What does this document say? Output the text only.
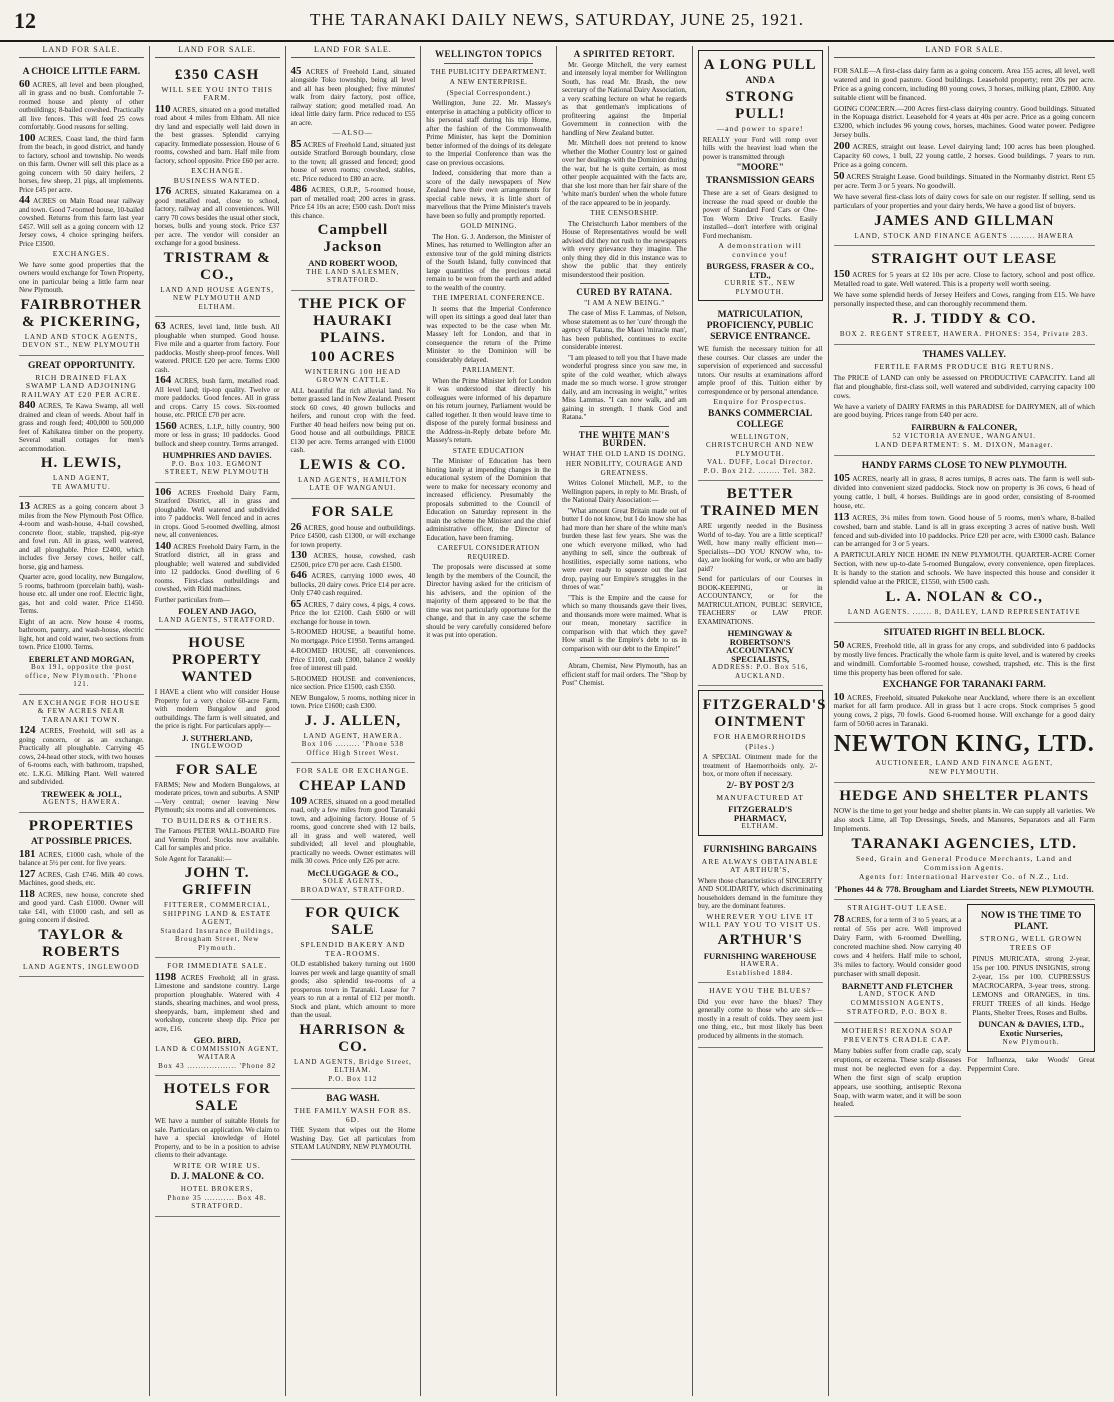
12	THE TARANAKI DAILY NEWS, SATURDAY, JUNE 25, 1921.
LAND FOR SALE.
A CHOICE LITTLE FARM.
60 ACRES, all level and been ploughed, all in grass and no bush. Comfortable 7-roomed house and plenty of other outbuildings; 8-bailed cowshed. Practically all live fences. This will feed 25 cows comfortably. Good reasons for selling.
100 ACRES, Coast land, the third farm from the beach, in good district, and handy to factory, school and township. No weeds on this farm. Owner will sell this place as a going concern with 50 dairy heifers, 2 horses, few sheep, 21 pigs, all implements. Price £45 per acre.
44 ACRES on Main Road near railway and town. Good 7-roomed house, 10-bailed cowshed. Returns from this farm last year £457. Will sell as a going concern with 12 Jersey cows, 4 choice springing heifers. Price £3500.
EXCHANGES.
We have some good properties that the owners would exchange for Town Property, one in particular being a little farm near New Plymouth.
FAIRBROTHER & PICKERING,
LAND AND STOCK AGENTS,
DEVON ST., NEW PLYMOUTH
GREAT OPPORTUNITY.
RICH DRAINED FLAX SWAMP LAND ADJOINING RAILWAY AT £20 PER ACRE.
840 ACRES, Te Kawa Swamp, all well drained and clean of weeds. About half in grass and rough feed; 400,000 to 500,000 feet of Kahikatea timber on the property. Several small cottages for men's accommodation.
H. LEWIS,
LAND AGENT,
TE AWAMUTU.
13 ACRES as a going concern about 3 miles from the New Plymouth Post Office. 4-room and wash-house, 4-bail cowshed, concrete floor, stable, trapshed, pig-stye and fowl run. All in grass, well watered, and all ploughable. Price £2400, which includes five Jersey cows, heifer calf, horse, gig and harness.
Quarter acre, good locality, new Bungalow, 5 rooms, bathroom (porcelain bath), wash-house etc. all under one roof. Electric light, gas, hot and cold water. Price £1450. Terms.
Eight of an acre. New house 4 rooms, bathroom, pantry, and wash-house, electric light, hot and cold water, two sections from town. Price £1000. Terms.
EBERLET AND MORGAN,
Box 191, opposite the post office, New Plymouth. 'Phone 121.
AN EXCHANGE FOR HOUSE & FEW ACRES NEAR TARANAKI TOWN.
124 ACRES, Freehold, will sell as a going concern, or as an exchange. Practically all ploughable. Carrying 45 cows, 24-head other stock, with two houses of 6-rooms each, with bathroom, trapshed, etc. L.K.G. Milking Plant. Well watered and subdivided.
TREWEEK & JOLL,
AGENTS, HAWERA.
PROPERTIES
AT POSSIBLE PRICES.
181 ACRES, £1000 cash, whole of the balance at 5½ per cent. for five years.
127 ACRES, Cash £746. Milk 40 cows. Machines, good sheds, etc.
118 ACRES, new house, concrete shed and good yard. Cash £1000. Owner will take £41, with £1000 cash, and sell as going concern if desired.
TAYLOR & ROBERTS
LAND AGENTS, INGLEWOOD
LAND FOR SALE.
£350 CASH
WILL SEE YOU INTO THIS FARM.
110 ACRES, situated on a good metalled road about 4 miles from Eltham. All nice dry land and especially well laid down in the best grasses. Splendid carrying capacity. Immediate possession. House of 6 rooms, cowshed and barn. Half mile from factory, school opposite. Price £60 per acre.
EXCHANGE.
BUSINESS WANTED.
176 ACRES, situated Kakaramea on a good metalled road, close to school, factory, railway and all conveniences. Will carry 70 cows besides the usual other stock, horses, bulls and young stock. Price £37 per acre. The vendor will consider an exchange for a good business.
TRISTRAM & CO.,
LAND AND HOUSE AGENTS, NEW PLYMOUTH AND ELTHAM.
63 ACRES, level land, little bush. All ploughable when stumped. Good house. Five mile and a quarter from factory. Four paddocks. Mostly sheep-proof fences. Well watered. PRICE £20 per acre. Terms £300 cash.
164 ACRES, bush farm, metalled road. All level land; tip-top quality. Twelve or more paddocks. Good fences. All in grass and crops. Carry 15 cows. Six-roomed house, etc. PRICE £70 per acre.
1560 ACRES, L.I.P., hilly country, 900 more or less in grass; 10 paddocks. Good bullock and sheep country. Terms arranged.
HUMPHRIES AND DAVIES.
P.O. Box 103. EGMONT STREET, NEW PLYMOUTH
106 ACRES Freehold Dairy Farm, Stratford District, all in grass and ploughable. Well watered and subdivided into 7 paddocks. Well fenced and in acres in crops. Good 5-roomed dwelling, almost new, all conveniences.
140 ACRES Freehold Dairy Farm, in the Stratford district, all in grass and ploughable; well watered and subdivided into 12 paddocks. Good dwelling of 6 rooms. First-class outbuildings and cowshed, with Ridd machines.
Further particulars from—
FOLEY AND JAGO,
LAND AGENTS, STRATFORD.
HOUSE PROPERTY WANTED
I HAVE a client who will consider House Property for a very choice 60-acre Farm, with modern Bungalow and good outbuildings. The farm is well situated, and the price is right. For particulars apply—
J. SUTHERLAND,
INGLEWOOD
FOR SALE
FARMS; New and Modern Bungalows, at moderate prices, town and suburbs. A SNIP—Very central; owner leaving New Plymouth; six rooms and all conveniences.
TO BUILDERS & OTHERS.
The Famous PETER WALL-BOARD Fire and Vermin Proof. Stocks now available. Call for samples and price.
Sole Agent for Taranaki:—
JOHN T. GRIFFIN
FITTERER, COMMERCIAL, SHIPPING LAND & ESTATE AGENT,
Standard Insurance Buildings, Brougham Street, New Plymouth.
FOR IMMEDIATE SALE.
1198 ACRES Freehold; all in grass. Limestone and sandstone country. Large proportion ploughable. Watered with 4 stands, shearing machines, and wool press, sheepyards, barn, implement shed and workshop, concrete sheep dip. Price per acre, £16.
GEO. BIRD,
LAND & COMMISSION AGENT, WAITARA
Box 43 .................. 'Phone 82
HOTELS FOR SALE
WE have a number of suitable Hotels for sale. Particulars on application. We claim to have a special knowledge of Hotel Property, and to be in a position to advise clients to their advantage.
WRITE OR WIRE US.
D. J. MALONE & CO.
HOTEL BROKERS,
Phone 35 ........... Box 48. STRATFORD.
LAND FOR SALE.
45 ACRES of Freehold Land, situated alongside Toko township, being all level and all has been ploughed; five minutes' walk from dairy factory, post office, railway station; good metalled road. An ideal little dairy farm. Price reduced to £55 an acre.
—ALSO—
85 ACRES of Freehold Land, situated just outside Stratford Borough boundary, close to the town; all grassed and fenced; good house of seven rooms; cowshed, stables, etc. Price reduced to £80 an acre.
486 ACRES, O.R.P., 5-roomed house, part of metalled road; 200 acres in grass. Price £4 10s an acre; £500 cash. Don't miss this chance.
Campbell Jackson
AND ROBERT WOOD,
THE LAND SALESMEN, STRATFORD.
THE PICK OF HAURAKI PLAINS.
100 ACRES
WINTERING 100 HEAD GROWN CATTLE.
ALL beautiful flat rich alluvial land. No better grassed land in New Zealand. Present stock 60 cows, 40 grown bullocks and heifers, and runout crop with the feed. Further 40 head heifers now being put on. Good house and all outbuildings. PRICE £130 per acre. Terms arranged with £1000 cash.
LEWIS & CO.
LAND AGENTS, HAMILTON
LATE OF WANGANUI.
FOR SALE
26 ACRES, good house and outbuildings. Price £4500, cash £1300, or will exchange for town property.
130 ACRES, house, cowshed, cash £2500, price £70 per acre. Cash £1500.
646 ACRES, carrying 1000 ewes, 40 bullocks, 20 dairy cows. Price £14 per acre. Only £740 cash required.
65 ACRES, 7 dairy cows, 4 pigs, 4 cows. Price the lot £2100. Cash £600 or will exchange for house in town.
5-ROOMED HOUSE, a beautiful home. No mortgage. Price £1950. Terms arranged.
4-ROOMED HOUSE, all conveniences. Price £1100, cash £300, balance 2 weekly free of interest till paid.
5-ROOMED HOUSE and conveniences, nice section. Price £1500, cash £350.
NEW Bungalow, 5 rooms, nothing nicer in town. Price £1600; cash £300.
J. J. ALLEN,
LAND AGENT, HAWERA.
Box 106 ......... 'Phone 538 Office High Street West.
FOR SALE OR EXCHANGE.
CHEAP LAND
109 ACRES, situated on a good metalled road, only a few miles from good Taranaki town, and adjoining factory. House of 5 rooms, good concrete shed with 12 bails, all in grass and well watered, well subdivided; all level and ploughable, practically no weeds. Owner estimates will milk 30 cows. Price only £26 per acre.
McCLUGGAGE & CO.,
SOLE AGENTS,
BROADWAY, STRATFORD.
FOR QUICK SALE
SPLENDID BAKERY AND TEA-ROOMS.
OLD established bakery turning out 1600 loaves per week and large quantity of small goods; also splendid tea-rooms of a prosperous town in Taranaki. Lease for 7 years to run at a rental of £12 per month. Stock and plant, which amount to more than the usual.
HARRISON & CO.
LAND AGENTS, Bridge Street, ELTHAM.
P.O. Box 112
BAG WASH.
THE FAMILY WASH FOR 8S. 6D.
THE System that wipes out the Home Washing Day. Get all particulars from STEAM LAUNDRY, NEW PLYMOUTH.
WELLINGTON TOPICS
THE PUBLICITY DEPARTMENT.
A NEW ENTERPRISE.
(Special Correspondent.)
Wellington, June 22. Mr. Massey's enterprise in attaching a publicity officer to his personal staff during his trip Home, after the fashion of the Commonwealth Prime Minister, has kept the Dominion better informed of the doings of its delegate to the Imperial Conference than was the case on previous occasions.
Indeed, considering that more than a score of the daily newspapers of New Zealand have their own arrangements for special cable news, it is little short of marvellous that the Prime Minister's travels have been so fully and promptly reported.
GOLD MINING.
The Hon. G. J. Anderson, the Minister of Mines, has returned to Wellington after an extensive tour of the gold mining districts of the South Island, fully convinced that large quantities of the precious metal remain to be won from the earth and added to the wealth of the country.
THE IMPERIAL CONFERENCE.
It seems that the Imperial Conference will open its sittings a good deal later than was expected to be the case when Mr. Massey left for London, and that in consequence the return of the Prime Minister to the Dominion will be considerably delayed.
PARLIAMENT.
When the Prime Minister left for London it was understood that directly his colleagues were informed of his departure on his return journey, Parliament would be called together. It then would leave time to dispose of the purely formal business and the Address-in-Reply debate before Mr. Massey's return.
STATE EDUCATION
The Minister of Education has been hinting lately at impending changes in the educational system of the Dominion that were to make for necessary economy and increased efficiency. Presumably the proposals submitted to the Council of Education on Saturday represent in the main the scheme the Minister and the chief administrative officer, the Director of Education, have been framing.
CAREFUL CONSIDERATION REQUIRED.
The proposals were discussed at some length by the members of the Council, the Director having asked for the criticism of his advisers, and the opinion of the majority of them appeared to be that the time was not particularly opportune for the change, and that in any case the scheme should be very carefully considered before it was put into operation.
A SPIRITED RETORT.
Mr. George Mitchell, the very earnest and intensely loyal member for Wellington South, has read Mr. Brash, the new secretary of the National Dairy Association, a very scathing lecture on what he regards as that gentleman's implications of profiteering against the Imperial Government in connection with the handling of New Zealand butter.
Mr. Mitchell does not pretend to know whether the Mother Country lost or gained over her dealings with the Dominion during the war, but he is quite certain, as most other people acquainted with the facts are, that she lost more than her fair share of the 'white man's burden' when the whole future of the race appeared to be in jeopardy.
THE CENSORSHIP.
The Christchurch Labor members of the House of Representatives would be well advised did they not rush to the newspapers with every grievance they imagine. The only thing they did in this instance was to show the public that they entirely misunderstood their position.
CURED BY RATANA.
"I AM A NEW BEING."
The case of Miss F. Lammas, of Nelson, whose statement as to her 'cure' through the agency of Ratana, the Maori 'miracle man', has been published, continues to excite considerable interest.
"I am pleased to tell you that I have made wonderful progress since you saw me, in spite of the cold weather, which always made me so much worse. I grow stronger daily, and am increasing in weight," writes Miss Lammas. "I can now walk, and am gaining in strength. I thank God and Ratana."
THE WHITE MAN'S BURDEN.
WHAT THE OLD LAND IS DOING.
HER NOBILITY, COURAGE AND GREATNESS.
Writes Colonel Mitchell, M.P., to the Wellington papers, in reply to Mr. Brash, of the National Dairy Association:—
"What amount Great Britain made out of butter I do not know, but I do know she has had more than her share of the white man's burden these last few years. She was the one which everyone milked, who had anything to sell, since the outbreak of hostilities, especially some nations, who were ever ready to squeeze out the last drop, paying our Empire's struggles in the throes of war."
"This is the Empire and the cause for which so many thousands gave their lives, and thousands more were maimed. What is our mean, monetary sacrifice in comparison with that which they gave? How small is the Empire's debt to us in comparison with our debt to the Empire!"
Abram, Chemist, New Plymouth, has an efficient staff for mail orders. The "Shop by Post" Chemist.
A LONG PULL
AND A
STRONG PULL!
—and power to spare!
REALLY your Ford will romp over hills with the heaviest load when the power is transmitted through
"MOORE"
TRANSMISSION GEARS
These are a set of Gears designed to increase the road speed or double the power of Standard Ford Cars or One-Ton Worm Drive Trucks. Easily installed—don't interfere with original Ford mechanism.
A demonstration will convince you!
BURGESS, FRASER & CO., LTD.,
CURRIE ST., NEW PLYMOUTH.
MATRICULATION, PROFICIENCY, PUBLIC SERVICE ENTRANCE.
WE furnish the necessary tuition for all these courses. Our classes are under the supervision of experienced and successful tutors. Our results at examinations afford ample proof of this. Tuition either by correspondence or by personal attendance.
Enquire for Prospectus.
BANKS COMMERCIAL COLLEGE
WELLINGTON, CHRISTCHURCH AND NEW PLYMOUTH.
VAL. DUFF, Local Director.
P.O. Box 212. ........ Tel. 382.
BETTER TRAINED MEN
ARE urgently needed in the Business World of to-day. You are a little sceptical? Well, how many really efficient men—Specialists—DO YOU KNOW who, to-day, are looking for work, or who are badly paid?
Send for particulars of our Courses in BOOK-KEEPING, or in ACCOUNTANCY, or for the MATRICULATION, PUBLIC SERVICE, TEACHERS' or LAW PROF. EXAMINATIONS.
HEMINGWAY & ROBERTSON'S ACCOUNTANCY SPECIALISTS,
ADDRESS: P.O. Box 516, AUCKLAND.
FITZGERALD'S OINTMENT
FOR HAEMORRHOIDS
(Piles.)
A SPECIAL Ointment made for the treatment of Haemorrhoids only. 2/- box, or more often if necessary.
2/- BY POST 2/3
MANUFACTURED AT
FITZGERALD'S PHARMACY,
ELTHAM.
FURNISHING BARGAINS
ARE ALWAYS OBTAINABLE AT ARTHUR'S,
Where those characteristics of SINCERITY AND SOLIDARITY, which discriminating householders demand in the furniture they buy, are the dominant features.
WHEREVER YOU LIVE IT WILL PAY YOU TO VISIT US.
ARTHUR'S
FURNISHING WAREHOUSE
HAWERA.
Established 1884.
HAVE YOU THE BLUES?
Did you ever have the blues? They generally come to those who are sick—mostly in a result of colds. They seem just one thing, etc., but most likely has been produced by ailments in the stomach.
LAND FOR SALE.
FOR SALE—A first-class dairy farm as a going concern. Area 155 acres, all level, well watered and in good pasture. Good buildings. Leasehold property; rent 20s per acre. Price as a going concern, including 80 young cows, 3 horses, milking plant, £2800. Any suitable client will be financed.
GOING CONCERN.—200 Acres first-class dairying country. Good buildings. Situated in the Kopuaga district. Leasehold for 4 years at 40s per acre. Price as a going concern £3200, which includes 96 young cows, horses, machines. Good water power. Pedigree Jersey bulls.
200 ACRES, straight out lease. Level dairying land; 100 acres has been ploughed. Capacity 60 cows, 1 bull, 22 young cattle, 2 horses. Good buildings. 7 years to run. Price as a going concern.
50 ACRES Straight Lease. Good buildings. Situated in the Normanby district. Rent £5 per acre. Term 3 or 5 years. No goodwill.
We have several first-class lots of dairy cows for sale on our register. If selling, send us particulars of your properties and your dairy herds, We have a good list of buyers.
JAMES AND GILLMAN
LAND, STOCK AND FINANCE AGENTS ......... HAWERA
STRAIGHT OUT LEASE
150 ACRES for 5 years at £2 10s per acre. Close to factory, school and post office. Metalled road to gate. Well watered. This is a property well worth seeing.
We have some splendid herds of Jersey Heifers and Cows, ranging from £15. We have personally inspected these, and can thoroughly recommend them.
R. J. TIDDY & CO.
BOX 2. REGENT STREET, HAWERA. PHONES: 354, Private 283.
THAMES VALLEY.
FERTILE FARMS PRODUCE BIG RETURNS.
The PRICE of LAND can only be assessed on PRODUCTIVE CAPACITY. Land all flat and ploughable, first-class soil, well watered and subdivided, carrying capacity 100 cows.
We have a variety of DAIRY FARMS in this PARADISE for DAIRYMEN, all of which are good buying. Prices range from £40 per acre.
FAIRBURN & FALCONER,
52 VICTORIA AVENUE, WANGANUI.
LAND DEPARTMENT: S. M. DIXON, Manager.
HANDY FARMS CLOSE TO NEW PLYMOUTH.
105 ACRES, nearly all in grass, 8 acres turnips, 8 acres oats. The farm is well sub-divided into convenient sized paddocks. Stock now on property is 36 cows, 6 head of young cattle, 1 bull, 4 horses. Buildings are in good order, consisting of 8-roomed house, etc.
113 ACRES, 3¼ miles from town. Good house of 5 rooms, men's whare, 8-bailed cowshed, barn and stable. Land is all in grass excepting 3 acres of native bush. Well fenced and sub-divided into 10 paddocks. Price £20 per acre, with £3000 cash. Balance can be arranged for 3 or 5 years.
A PARTICULARLY NICE HOME IN NEW PLYMOUTH. QUARTER-ACRE Corner Section, with new up-to-date 5-roomed Bungalow, every convenience, open fireplaces. It is handy to the station and schools. We have inspected this house and consider it splendid value at the PRICE, £1550, with £500 cash.
L. A. NOLAN & CO.,
LAND AGENTS. ....... 8, DAILEY, LAND REPRESENTATIVE
SITUATED RIGHT IN BELL BLOCK.
50 ACRES, Freehold title, all in grass for any crops, and subdivided into 6 paddocks by mostly live fences. Practically the whole farm is quite level, and is watered by creeks and windmill. Comfortable 5-roomed house, cowshed, trapshed, etc. This is the first time this property has been offered for sale.
EXCHANGE FOR TARANAKI FARM.
10 ACRES, Freehold, situated Pukekohe near Auckland, where there is an excellent market for all farm produce. All in grass but 1 acre crops. Stock comprises 5 good young cows, 2 pigs, 70 fowls. Good 6-roomed house. Will exchange for a good dairy farm of 50/60 acres in Taranaki.
NEWTON KING, LTD.
AUCTIONEER, LAND AND FINANCE AGENT,
NEW PLYMOUTH.
HEDGE AND SHELTER PLANTS
NOW is the time to get your hedge and shelter plants in. We can supply all varieties. We also stock Lime, all Top Dressings, Seeds, and Manures, Separators and all Farm Implements.
TARANAKI AGENCIES, LTD.
Seed, Grain and General Produce Merchants, Land and Commission Agents.
Agents for: International Harvester Co. of N.Z., Ltd.
'Phones 44 & 778. Brougham and Liardet Streets, NEW PLYMOUTH.
STRAIGHT-OUT LEASE.
78 ACRES, for a term of 3 to 5 years, at a rental of 55s per acre. Well improved Dairy Farm, with 6-roomed Dwelling, concreted machine shed. Now carrying 40 cows and 4 heifers. Half mile to school, 3¼ miles to factory. Would consider good purchaser with small deposit.
BARNETT AND FLETCHER
LAND, STOCK AND COMMISSION AGENTS,
STRATFORD, P.O. BOX 8.
MOTHERS! REXONA SOAP PREVENTS CRADLE CAP.
Many babies suffer from cradle cap, scaly eruptions, or eczema. These scalp diseases must not be neglected even for a day. When the first sign of scalp eruption appears, use soothing, antiseptic Rexona Soap, with warm water, and it will be soon healed.
NOW IS THE TIME TO PLANT.
STRONG, WELL GROWN TREES OF
PINUS MURICATA, strong 2-year, 15s per 100. PINUS INSIGNIS, strong 2-year, 15s per 100. CUPRESSUS MACROCARPA, 3-year trees, strong. LEMONS and ORANGES, in tins. FRUIT TREES of all kinds. Hedge Plants, Shelter Trees, Roses and Bulbs.
DUNCAN & DAVIES, LTD., Exotic Nurseries,
New Plymouth.
For Influenza, take Woods' Great Peppermint Cure.
